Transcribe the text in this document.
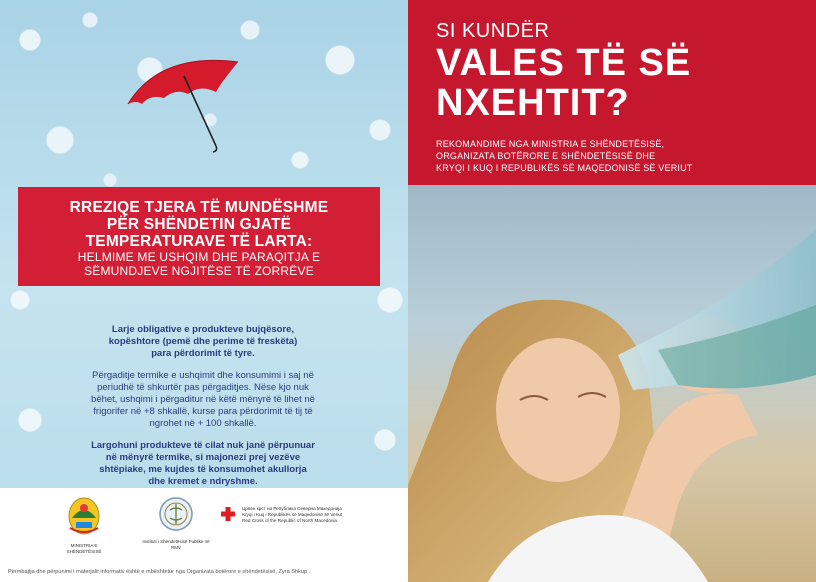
RREZIQE TJERA TË MUNDËSHME
PËR SHËNDETIN GJATË
TEMPERATURAVE TË LARTA:
HELMIME ME USHQIM DHE PARAQITJA E
SËMUNDJEVE NGJITËSE TË ZORRËVE

Larje obligative e produkteve bujqësore,
kopështore (pemë dhe perime të freskëta)
para përdorimit të tyre.

Përgaditje termike e ushqimit dhe konsumimi i saj në
periudhë të shkurtër pas përgaditjes. Nëse kjo nuk
bëhet, ushqimi i përgaditur në këtë mënyrë të lihet në
frigorifer në +8 shkallë, kurse para përdorimit të tij të
ngrohet në + 100 shkallë.

Largohuni produkteve të cilat nuk janë përpunuar
në mënyrë termike, si majonezi prej vezëve
shtëpiake, me kujdes të konsumohet akullorja
dhe kremet e ndryshme.

MINISTRIA E SHËNDETËSISË
Instituti i Shëndetësisë Publike në RMV
Црвен крст на Република Северна Македонија
Kryqi i Kuq i Republikës së Maqedonisë së Veriut
Red Cross of the Republic of North Macedonia
Përmbajtja dhe përpunimi i materjalit informativ është e mbështetur nga Organizata botërore e shëndetësisë, Zyra Shkup .
SI KUNDËR
VALES TË SË
NXEHTIT?
REKOMANDIME NGA MINISTRIA E SHËNDETËSISË,
ORGANIZATA BOTËRORE E SHËNDETËSISË DHE
KRYQI I KUQ I REPUBLIKËS SË MAQEDONISË SË VERIUT
